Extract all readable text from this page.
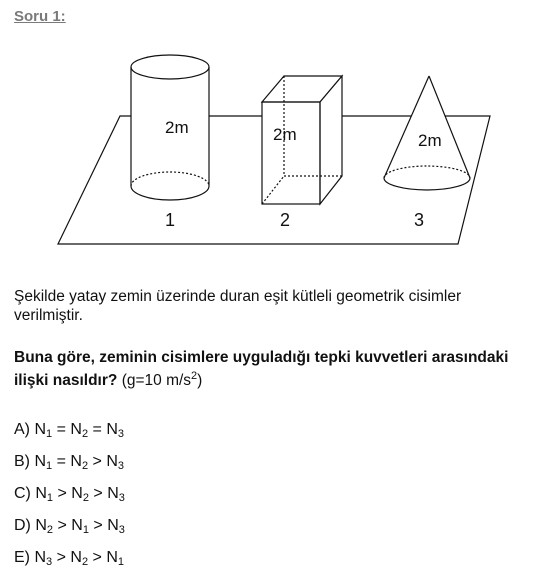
Soru 1:
2m	2m	2m
1	2	3
Şekilde yatay zemin üzerinde duran eşit kütleli geometrik cisimler verilmiştir.
Buna göre, zeminin cisimlere uyguladığı tepki kuvvetleri arasındaki ilişki nasıldır? (g=10 $m/s^2$)
A) $N_1 = N_2 = N_3$
B) $N_1 = N_2 > N_3$
C) $N_1 > N_2 > N_3$
D) $N_2 > N_1 > N_3$
E) $N_3 > N_2 > N_1$
